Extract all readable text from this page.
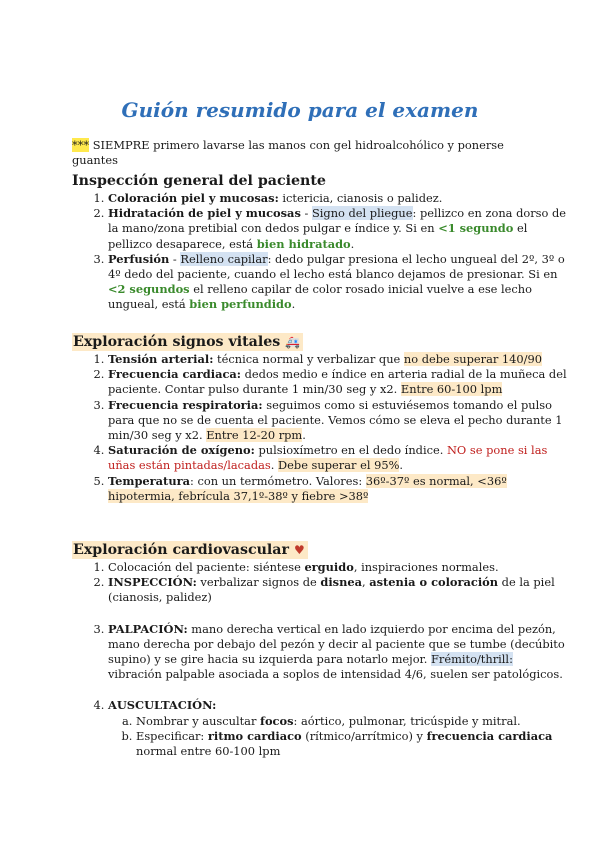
Guión resumido para el examen
*** SIEMPRE primero lavarse las manos con gel hidroalcohólico y ponerse guantes
Inspección general del paciente
1. Coloración piel y mucosas: ictericia, cianosis o palidez.
2. Hidratación de piel y mucosas - Signo del pliegue: pellizco en zona dorso de la mano/zona pretibial con dedos pulgar e índice y. Si en <1 segundo el pellizco desaparece, está bien hidratado.
3. Perfusión - Relleno capilar: dedo pulgar presiona el lecho ungueal del 2º, 3º o 4º dedo del paciente, cuando el lecho está blanco dejamos de presionar. Si en <2 segundos el relleno capilar de color rosado inicial vuelve a ese lecho ungueal, está bien perfundido.
Exploración signos vitales 🚑
1. Tensión arterial: técnica normal y verbalizar que no debe superar 140/90
2. Frecuencia cardiaca: dedos medio e índice en arteria radial de la muñeca del paciente. Contar pulso durante 1 min/30 seg y x2. Entre 60-100 lpm
3. Frecuencia respiratoria: seguimos como si estuviésemos tomando el pulso para que no se de cuenta el paciente. Vemos cómo se eleva el pecho durante 1 min/30 seg y x2. Entre 12-20 rpm.
4. Saturación de oxígeno: pulsioxímetro en el dedo índice. NO se pone si las uñas están pintadas/lacadas. Debe superar el 95%.
5. Temperatura: con un termómetro. Valores: 36º-37º es normal, <36º hipotermia, febrícula 37,1º-38º y fiebre >38º
Exploración cardiovascular ♥
1. Colocación del paciente: siéntese erguido, inspiraciones normales.
2. INSPECCIÓN: verbalizar signos de disnea, astenia o coloración de la piel (cianosis, palidez)
3. PALPACIÓN: mano derecha vertical en lado izquierdo por encima del pezón, mano derecha por debajo del pezón y decir al paciente que se tumbe (decúbito supino) y se gire hacia su izquierda para notarlo mejor. Frémito/thrill: vibración palpable asociada a soplos de intensidad 4/6, suelen ser patológicos.
4. AUSCULTACIÓN:
a. Nombrar y auscultar focos: aórtico, pulmonar, tricúspide y mitral.
b. Especificar: ritmo cardiaco (rítmico/arrítmico) y frecuencia cardiaca normal entre 60-100 lpm
